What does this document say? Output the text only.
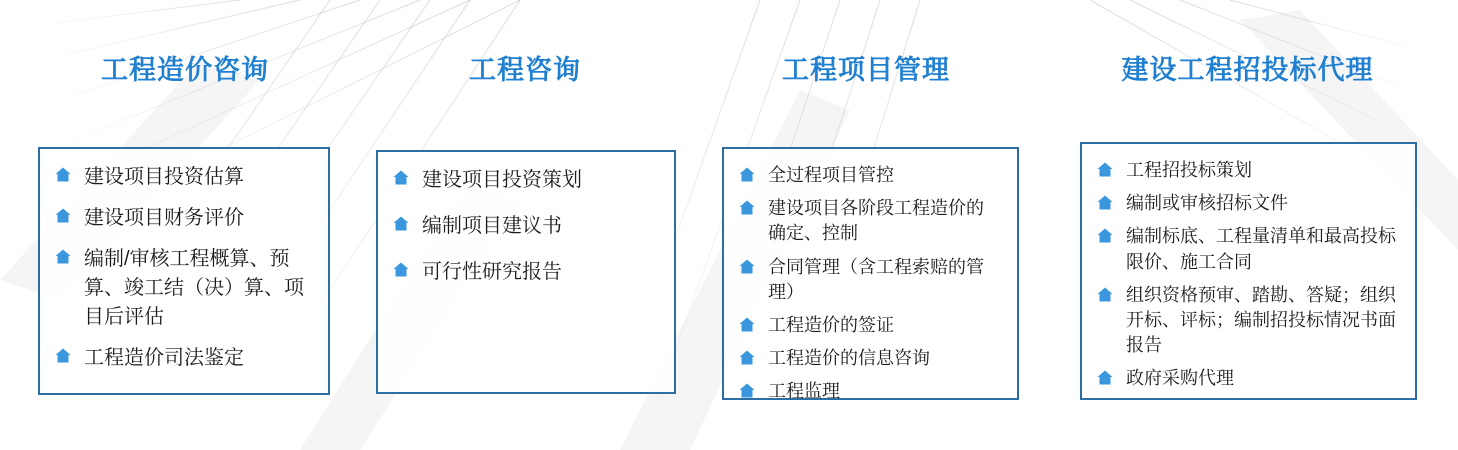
工程造价咨询
建设项目投资估算
建设项目财务评价
编制/审核工程概算、预算、竣工结（决）算、项目后评估
工程造价司法鉴定
工程咨询
建设项目投资策划
编制项目建议书
可行性研究报告
工程项目管理
全过程项目管控
建设项目各阶段工程造价的确定、控制
合同管理（含工程索赔的管理）
工程造价的签证
工程造价的信息咨询
工程监理
建设工程招投标代理
工程招投标策划
编制或审核招标文件
编制标底、工程量清单和最高投标限价、施工合同
组织资格预审、踏勘、答疑；组织开标、评标；编制招投标情况书面报告
政府采购代理
